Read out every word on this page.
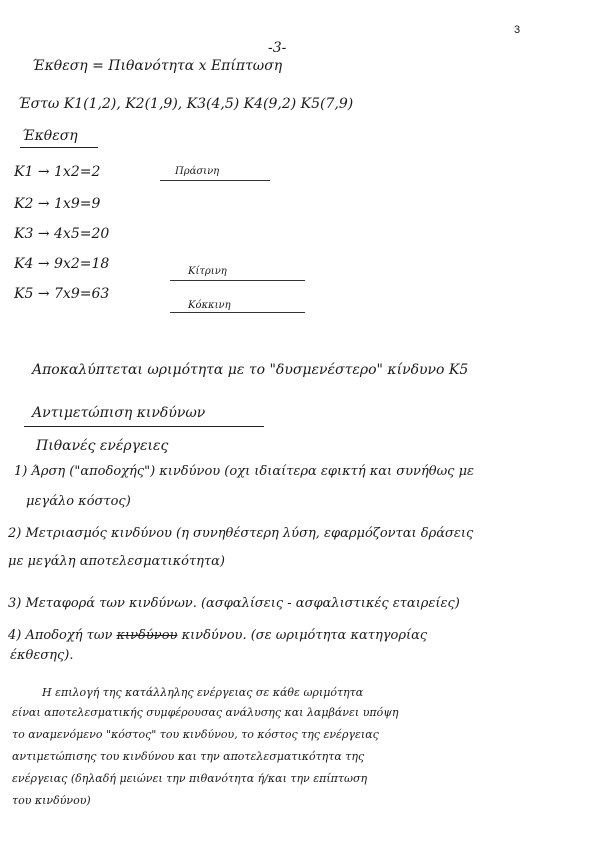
3
-3-
Έκθεση = Πιθανότητα x Επίπτωση
Έστω K1(1,2), K2(1,9), K3(4,5) K4(9,2) K5(7,9)
Έκθεση
K1 → 1x2=2
K2 → 1x9=9
K3 → 4x5=20
K4 → 9x2=18
K5 → 7x9=63
Πράσινη
Κίτρινη
Κόκκινη
Αποκαλύπτεται ωριμότητα με το "δυσμενέστερο" κίνδυνο K5
Αντιμετώπιση κινδύνων
Πιθανές ενέργειες
1) Άρση ("αποδοχής") κινδύνου (οχι ιδιαίτερα εφικτή και συνήθως με
μεγάλο κόστος)
2) Μετριασμός κινδύνου (η συνηθέστερη λύση, εφαρμόζονται δράσεις
με μεγάλη αποτελεσματικότητα)
3) Μεταφορά των κινδύνων. (ασφαλίσεις - ασφαλιστικές εταιρείες)
4) Αποδοχή των κινδύνου κινδύνου. (σε ωριμότητα κατηγορίας
έκθεσης).
Η επιλογή της κατάλληλης ενέργειας σε κάθε ωριμότητα
είναι αποτελεσματικής συμφέρουσας ανάλυσης και λαμβάνει υπόψη
το αναμενόμενο "κόστος" του κινδύνου, το κόστος της ενέργειας
αντιμετώπισης του κινδύνου και την αποτελεσματικότητα της
ενέργειας (δηλαδή μειώνει την πιθανότητα ή/και την επίπτωση
του κινδύνου)
